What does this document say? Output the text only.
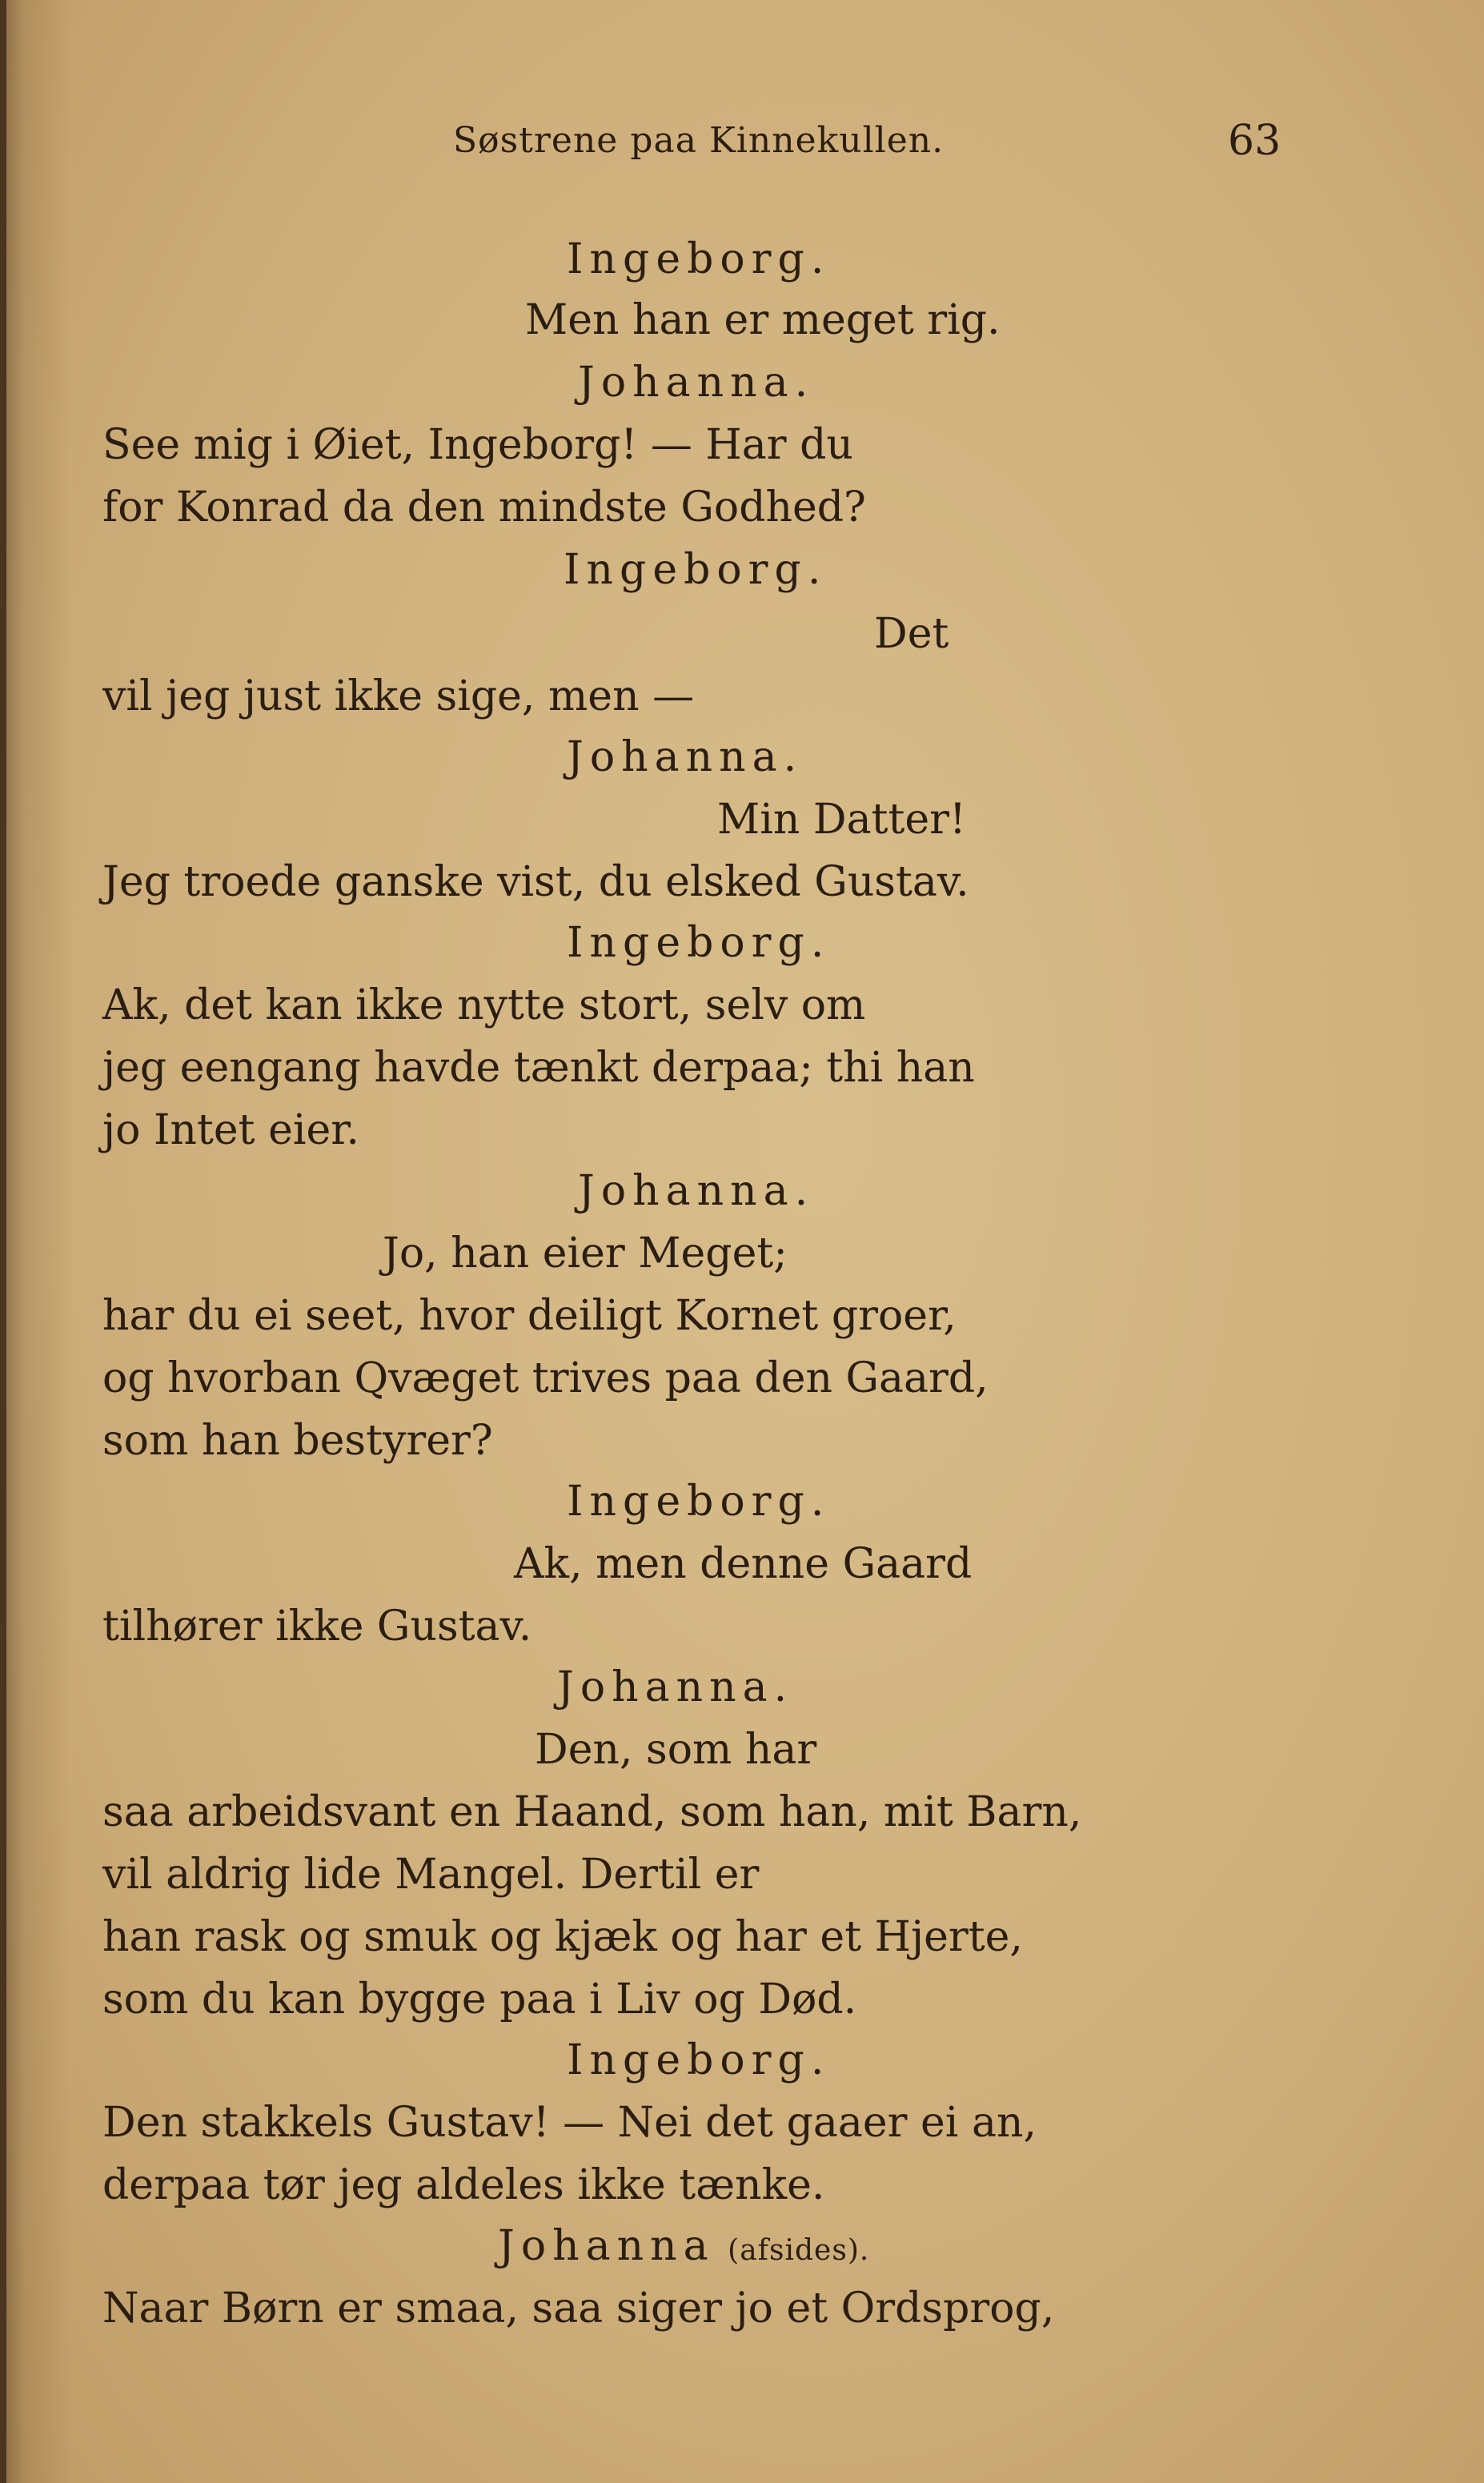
Søstrene paa Kinnekullen.	63
Ingeborg.
Men han er meget rig.
Johanna.
See mig i Øiet, Ingeborg! — Har du
for Konrad da den mindste Godhed?
Ingeborg.
Det
vil jeg just ikke sige, men —
Johanna.
Min Datter!
Jeg troede ganske vist, du elsked Gustav.
Ingeborg.
Ak, det kan ikke nytte stort, selv om
jeg eengang havde tænkt derpaa; thi han
jo Intet eier.
Johanna.
Jo, han eier Meget;
har du ei seet, hvor deiligt Kornet groer,
og hvorban Qvæget trives paa den Gaard,
som han bestyrer?
Ingeborg.
Ak, men denne Gaard
tilhører ikke Gustav.
Johanna.
Den, som har
saa arbeidsvant en Haand, som han, mit Barn,
vil aldrig lide Mangel. Dertil er
han rask og smuk og kjæk og har et Hjerte,
som du kan bygge paa i Liv og Død.
Ingeborg.
Den stakkels Gustav! — Nei det gaaer ei an,
derpaa tør jeg aldeles ikke tænke.
Johanna (afsides).
Naar Børn er smaa, saa siger jo et Ordsprog,
